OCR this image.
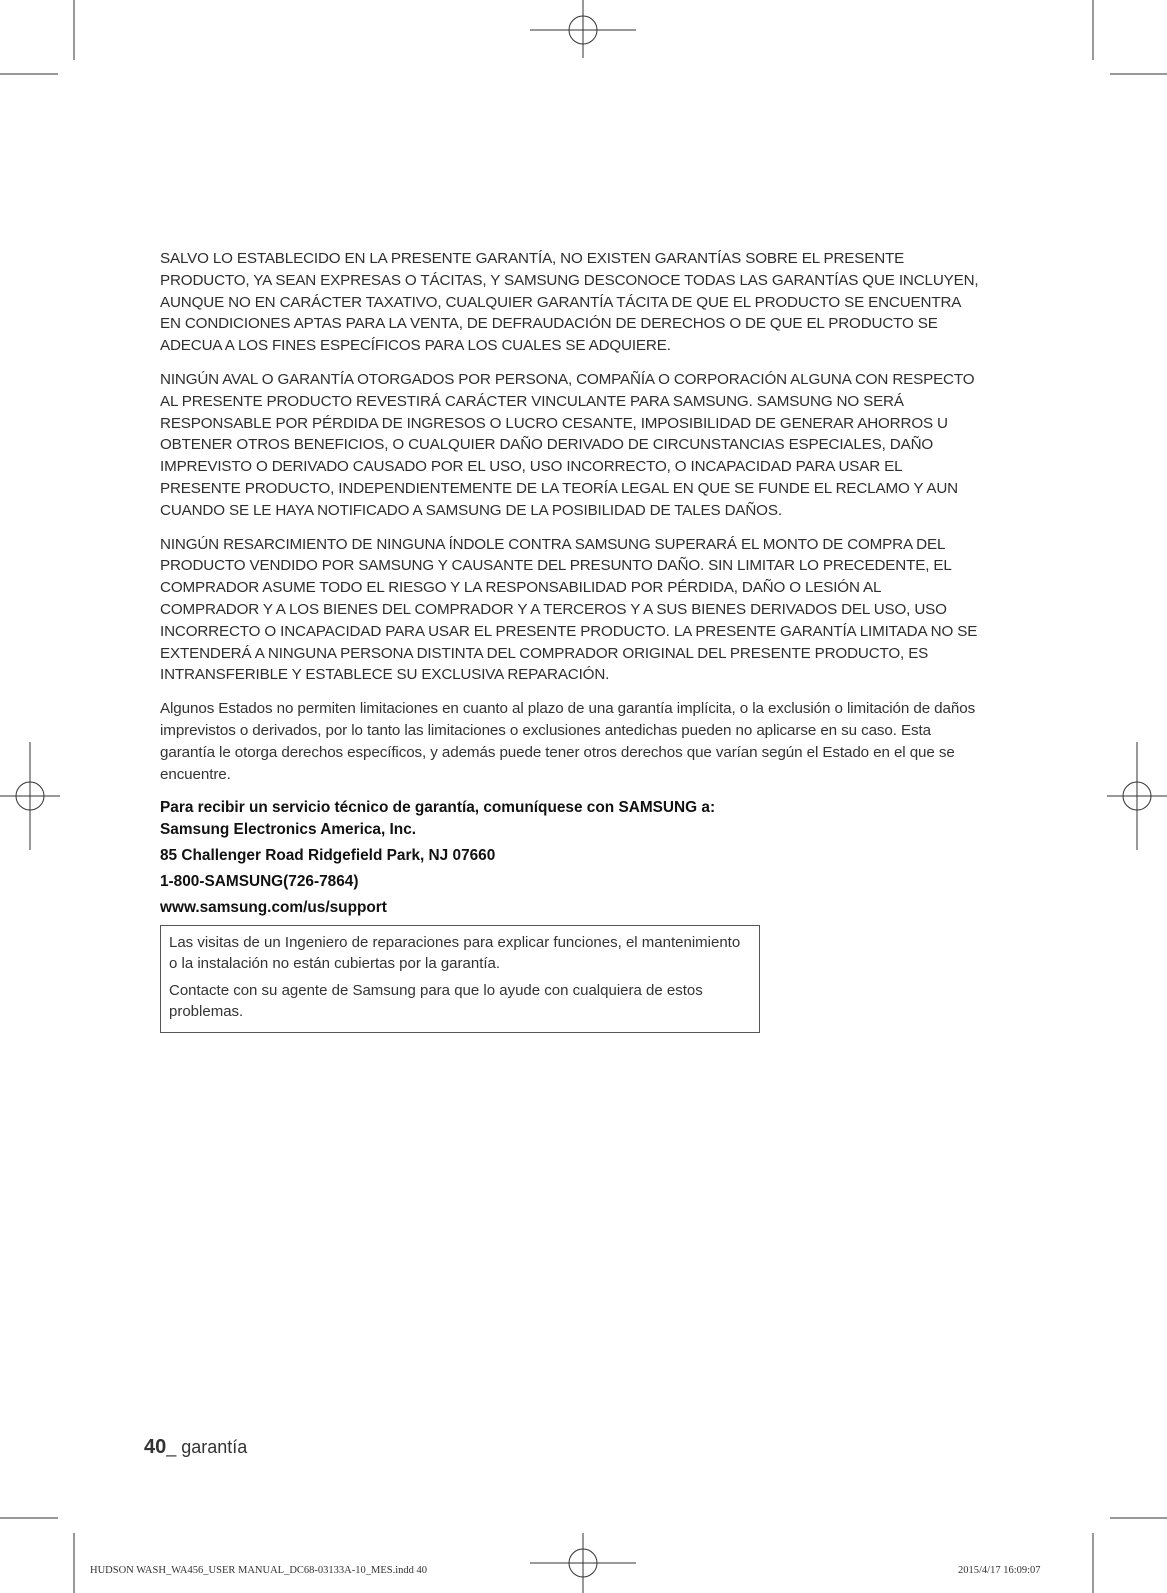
SALVO LO ESTABLECIDO EN LA PRESENTE GARANTÍA, NO EXISTEN GARANTÍAS SOBRE EL PRESENTE PRODUCTO, YA SEAN EXPRESAS O TÁCITAS, Y SAMSUNG DESCONOCE TODAS LAS GARANTÍAS QUE INCLUYEN, AUNQUE NO EN CARÁCTER TAXATIVO, CUALQUIER GARANTÍA TÁCITA DE QUE EL PRODUCTO SE ENCUENTRA EN CONDICIONES APTAS PARA LA VENTA, DE DEFRAUDACIÓN DE DERECHOS O DE QUE EL PRODUCTO SE ADECUA A LOS FINES ESPECÍFICOS PARA LOS CUALES SE ADQUIERE.

NINGÚN AVAL O GARANTÍA OTORGADOS POR PERSONA, COMPAÑÍA O CORPORACIÓN ALGUNA CON RESPECTO AL PRESENTE PRODUCTO REVESTIRÁ CARÁCTER VINCULANTE PARA SAMSUNG. SAMSUNG NO SERÁ RESPONSABLE POR PÉRDIDA DE INGRESOS O LUCRO CESANTE, IMPOSIBILIDAD DE GENERAR AHORROS U OBTENER OTROS BENEFICIOS, O CUALQUIER DAÑO DERIVADO DE CIRCUNSTANCIAS ESPECIALES, DAÑO IMPREVISTO O DERIVADO CAUSADO POR EL USO, USO INCORRECTO, O INCAPACIDAD PARA USAR EL PRESENTE PRODUCTO, INDEPENDIENTEMENTE DE LA TEORÍA LEGAL EN QUE SE FUNDE EL RECLAMO Y AUN CUANDO SE LE HAYA NOTIFICADO A SAMSUNG DE LA POSIBILIDAD DE TALES DAÑOS.

NINGÚN RESARCIMIENTO DE NINGUNA ÍNDOLE CONTRA SAMSUNG SUPERARÁ EL MONTO DE COMPRA DEL PRODUCTO VENDIDO POR SAMSUNG Y CAUSANTE DEL PRESUNTO DAÑO. SIN LIMITAR LO PRECEDENTE, EL COMPRADOR ASUME TODO EL RIESGO Y LA RESPONSABILIDAD POR PÉRDIDA, DAÑO O LESIÓN AL COMPRADOR Y A LOS BIENES DEL COMPRADOR Y A TERCEROS Y A SUS BIENES DERIVADOS DEL USO, USO INCORRECTO O INCAPACIDAD PARA USAR EL PRESENTE PRODUCTO. LA PRESENTE GARANTÍA LIMITADA NO SE EXTENDERÁ A NINGUNA PERSONA DISTINTA DEL COMPRADOR ORIGINAL DEL PRESENTE PRODUCTO, ES INTRANSFERIBLE Y ESTABLECE SU EXCLUSIVA REPARACIÓN.

Algunos Estados no permiten limitaciones en cuanto al plazo de una garantía implícita, o la exclusión o limitación de daños imprevistos o derivados, por lo tanto las limitaciones o exclusiones antedichas pueden no aplicarse en su caso. Esta garantía le otorga derechos específicos, y además puede tener otros derechos que varían según el Estado en el que se encuentre.

Para recibir un servicio técnico de garantía, comuníquese con SAMSUNG a:
Samsung Electronics America, Inc.
85 Challenger Road Ridgefield Park, NJ 07660
1-800-SAMSUNG(726-7864)
www.samsung.com/us/support

Las visitas de un Ingeniero de reparaciones para explicar funciones, el mantenimiento o la instalación no están cubiertas por la garantía.

Contacte con su agente de Samsung para que lo ayude con cualquiera de estos problemas.

40_ garantía
HUDSON WASH_WA456_USER MANUAL_DC68-03133A-10_MES.indd 40	2015/4/17 16:09:07
